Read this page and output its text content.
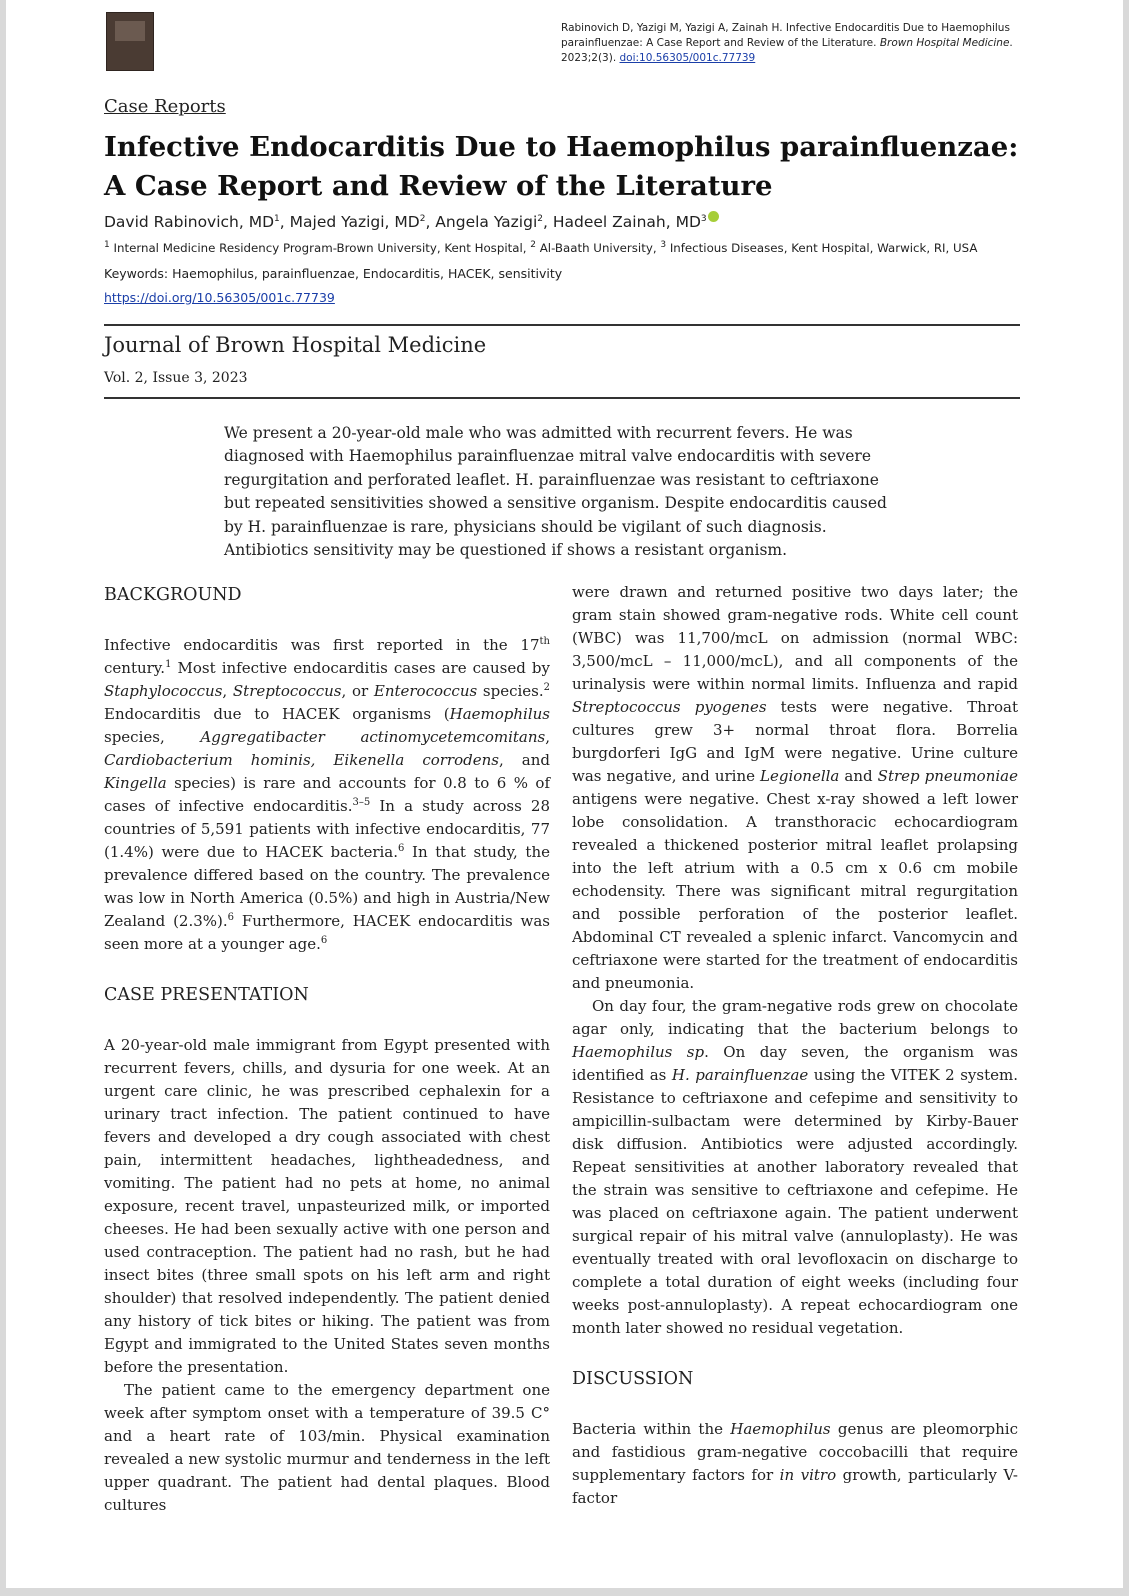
Rabinovich D, Yazigi M, Yazigi A, Zainah H. Infective Endocarditis Due to Haemophilus parainfluenzae: A Case Report and Review of the Literature. Brown Hospital Medicine. 2023;2(3). doi:10.56305/001c.77739
Case Reports
Infective Endocarditis Due to Haemophilus parainfluenzae: A Case Report and Review of the Literature
David Rabinovich, $MD^1$, Majed Yazigi, $MD^2$, Angela Yazigi$^2$, Hadeel Zainah, $MD^3$
$^1$ Internal Medicine Residency Program-Brown University, Kent Hospital, $^2$ Al-Baath University, $^3$ Infectious Diseases, Kent Hospital, Warwick, RI, USA
Keywords: Haemophilus, parainfluenzae, Endocarditis, HACEK, sensitivity
https://doi.org/10.56305/001c.77739
Journal of Brown Hospital Medicine
Vol. 2, Issue 3, 2023

We present a 20-year-old male who was admitted with recurrent fevers. He was diagnosed with Haemophilus parainfluenzae mitral valve endocarditis with severe regurgitation and perforated leaflet. H. parainfluenzae was resistant to ceftriaxone but repeated sensitivities showed a sensitive organism. Despite endocarditis caused by H. parainfluenzae is rare, physicians should be vigilant of such diagnosis. Antibiotics sensitivity may be questioned if shows a resistant organism.

BACKGROUND

Infective endocarditis was first reported in the 17th century.$^1$ Most infective endocarditis cases are caused by Staphylococcus, Streptococcus, or Enterococcus species.$^2$ Endocarditis due to HACEK organisms (Haemophilus species, Aggregatibacter actinomycetemcomitans, Cardiobacterium hominis, Eikenella corrodens, and Kingella species) is rare and accounts for 0.8 to 6 % of cases of infective endocarditis.$^{3-5}$ In a study across 28 countries of 5,591 patients with infective endocarditis, 77 (1.4%) were due to HACEK bacteria.$^6$ In that study, the prevalence differed based on the country. The prevalence was low in North America (0.5%) and high in Austria/New Zealand (2.3%).$^6$ Furthermore, HACEK endocarditis was seen more at a younger age.$^6$

CASE PRESENTATION

A 20-year-old male immigrant from Egypt presented with recurrent fevers, chills, and dysuria for one week. At an urgent care clinic, he was prescribed cephalexin for a urinary tract infection. The patient continued to have fevers and developed a dry cough associated with chest pain, intermittent headaches, lightheadedness, and vomiting. The patient had no pets at home, no animal exposure, recent travel, unpasteurized milk, or imported cheeses. He had been sexually active with one person and used contraception. The patient had no rash, but he had insect bites (three small spots on his left arm and right shoulder) that resolved independently. The patient denied any history of tick bites or hiking. The patient was from Egypt and immigrated to the United States seven months before the presentation.

The patient came to the emergency department one week after symptom onset with a temperature of 39.5 C° and a heart rate of 103/min. Physical examination revealed a new systolic murmur and tenderness in the left upper quadrant. The patient had dental plaques. Blood cultures

were drawn and returned positive two days later; the gram stain showed gram-negative rods. White cell count (WBC) was 11,700/mcL on admission (normal WBC: 3,500/mcL – 11,000/mcL), and all components of the urinalysis were within normal limits. Influenza and rapid Streptococcus pyogenes tests were negative. Throat cultures grew 3+ normal throat flora. Borrelia burgdorferi IgG and IgM were negative. Urine culture was negative, and urine Legionella and Strep pneumoniae antigens were negative. Chest x-ray showed a left lower lobe consolidation. A transthoracic echocardiogram revealed a thickened posterior mitral leaflet prolapsing into the left atrium with a 0.5 cm x 0.6 cm mobile echodensity. There was significant mitral regurgitation and possible perforation of the posterior leaflet. Abdominal CT revealed a splenic infarct. Vancomycin and ceftriaxone were started for the treatment of endocarditis and pneumonia.

On day four, the gram-negative rods grew on chocolate agar only, indicating that the bacterium belongs to Haemophilus sp. On day seven, the organism was identified as H. parainfluenzae using the VITEK 2 system. Resistance to ceftriaxone and cefepime and sensitivity to ampicillin-sulbactam were determined by Kirby-Bauer disk diffusion. Antibiotics were adjusted accordingly. Repeat sensitivities at another laboratory revealed that the strain was sensitive to ceftriaxone and cefepime. He was placed on ceftriaxone again. The patient underwent surgical repair of his mitral valve (annuloplasty). He was eventually treated with oral levofloxacin on discharge to complete a total duration of eight weeks (including four weeks post-annuloplasty). A repeat echocardiogram one month later showed no residual vegetation.

DISCUSSION

Bacteria within the Haemophilus genus are pleomorphic and fastidious gram-negative coccobacilli that require supplementary factors for in vitro growth, particularly V-factor
